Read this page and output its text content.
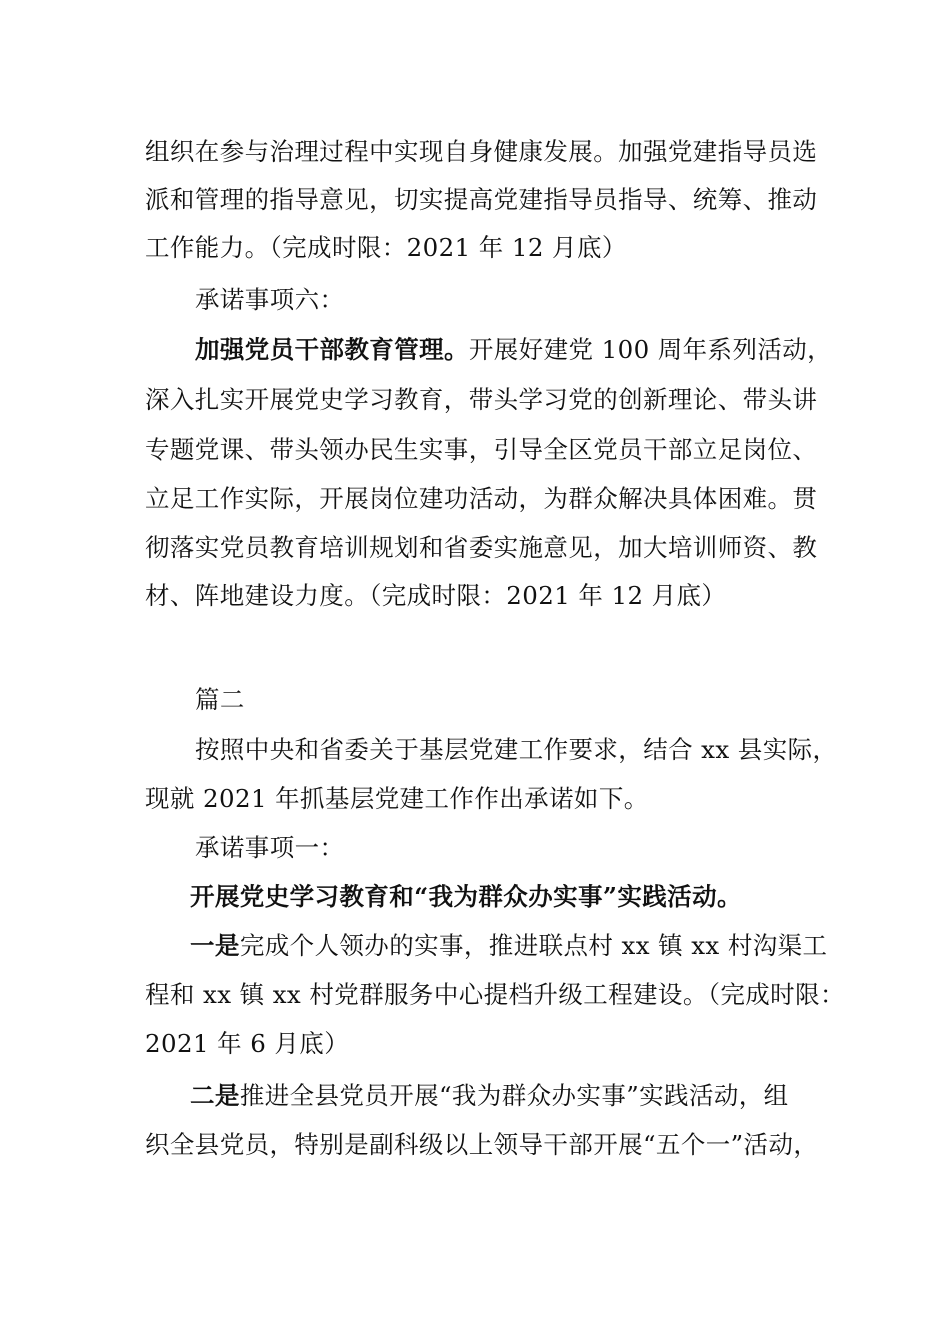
组织在参与治理过程中实现自身健康发展。加强党建指导员选
派和管理的指导意见，切实提高党建指导员指导、统筹、推动
工作能力。（完成时限：2021 年 12 月底）
承诺事项六：
加强党员干部教育管理。开展好建党 100 周年系列活动，
深入扎实开展党史学习教育，带头学习党的创新理论、带头讲
专题党课、带头领办民生实事，引导全区党员干部立足岗位、
立足工作实际，开展岗位建功活动，为群众解决具体困难。贯
彻落实党员教育培训规划和省委实施意见，加大培训师资、教
材、阵地建设力度。（完成时限：2021 年 12 月底）
篇二
按照中央和省委关于基层党建工作要求，结合 xx 县实际，
现就 2021 年抓基层党建工作作出承诺如下。
承诺事项一：
开展党史学习教育和“我为群众办实事”实践活动。
一是完成个人领办的实事，推进联点村 xx 镇 xx 村沟渠工
程和 xx 镇 xx 村党群服务中心提档升级工程建设。（完成时限：
2021 年 6 月底）
二是推进全县党员开展“我为群众办实事”实践活动，组
织全县党员，特别是副科级以上领导干部开展“五个一”活动，
